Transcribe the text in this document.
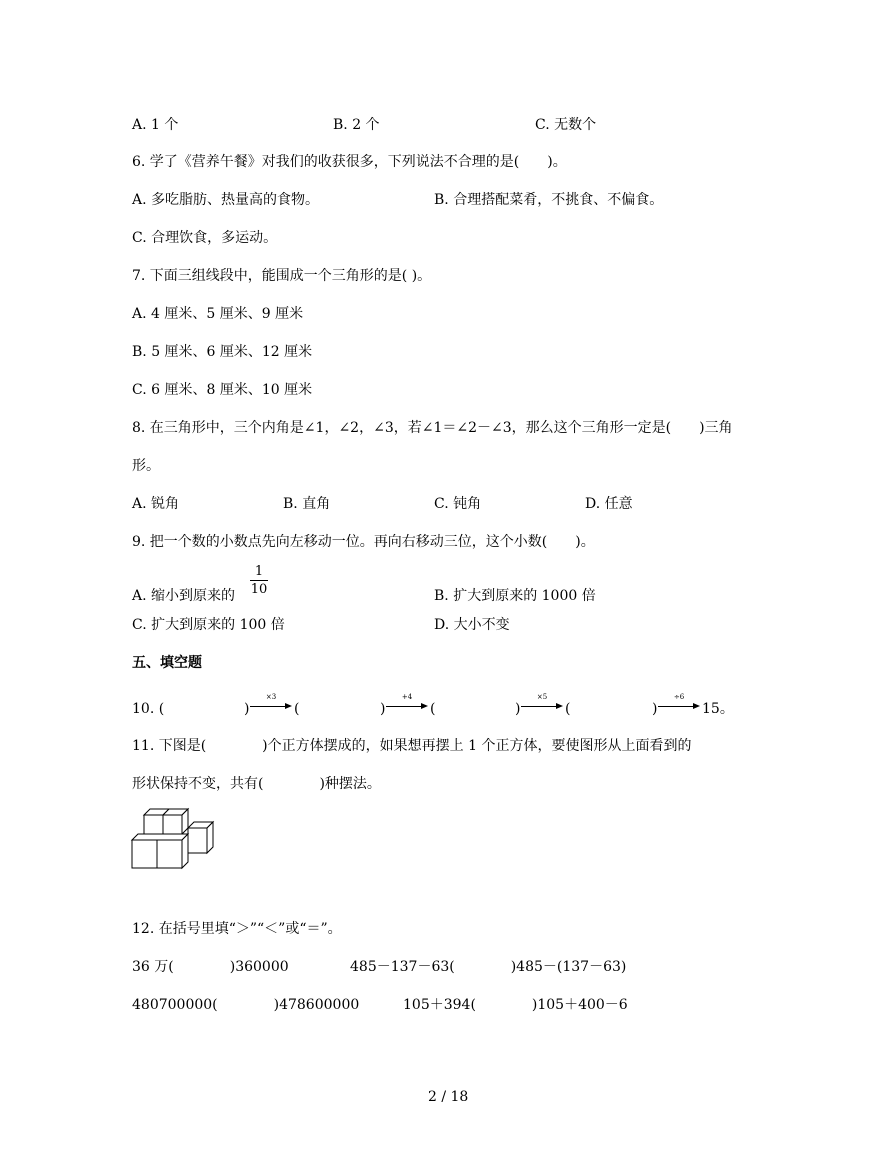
A. 1 个	B. 2 个	C. 无数个
6. 学了《营养午餐》对我们的收获很多，下列说法不合理的是(　　)。
A. 多吃脂肪、热量高的食物。	B. 合理搭配菜肴，不挑食、不偏食。
C. 合理饮食，多运动。
7. 下面三组线段中，能围成一个三角形的是( )。
A. 4 厘米、5 厘米、9 厘米
B. 5 厘米、6 厘米、12 厘米
C. 6 厘米、8 厘米、10 厘米
8. 在三角形中，三个内角是∠1，∠2，∠3，若∠1＝∠2－∠3，那么这个三角形一定是(　　)三角
形。
A. 锐角	B. 直角	C. 钝角	D. 任意
9. 把一个数的小数点先向左移动一位。再向右移动三位，这个小数(　　)。
A. 缩小到原来的
1
10	B. 扩大到原来的 1000 倍
C. 扩大到原来的 100 倍	D. 大小不变
五、填空题
10. (	)
×3
(	)
+4
(	)
×5
(	)
÷6
15。
11. 下图是(　　　　)个正方体摆成的，如果想再摆上 1 个正方体，要使图形从上面看到的
形状保持不变，共有(　　　　)种摆法。
12. 在括号里填“＞”“＜”或“＝”。
36 万(　　　　)360000	485－137－63(　　　　)485－(137－63)
480700000(　　　　)478600000	105＋394(　　　　)105＋400－6
2 / 18
